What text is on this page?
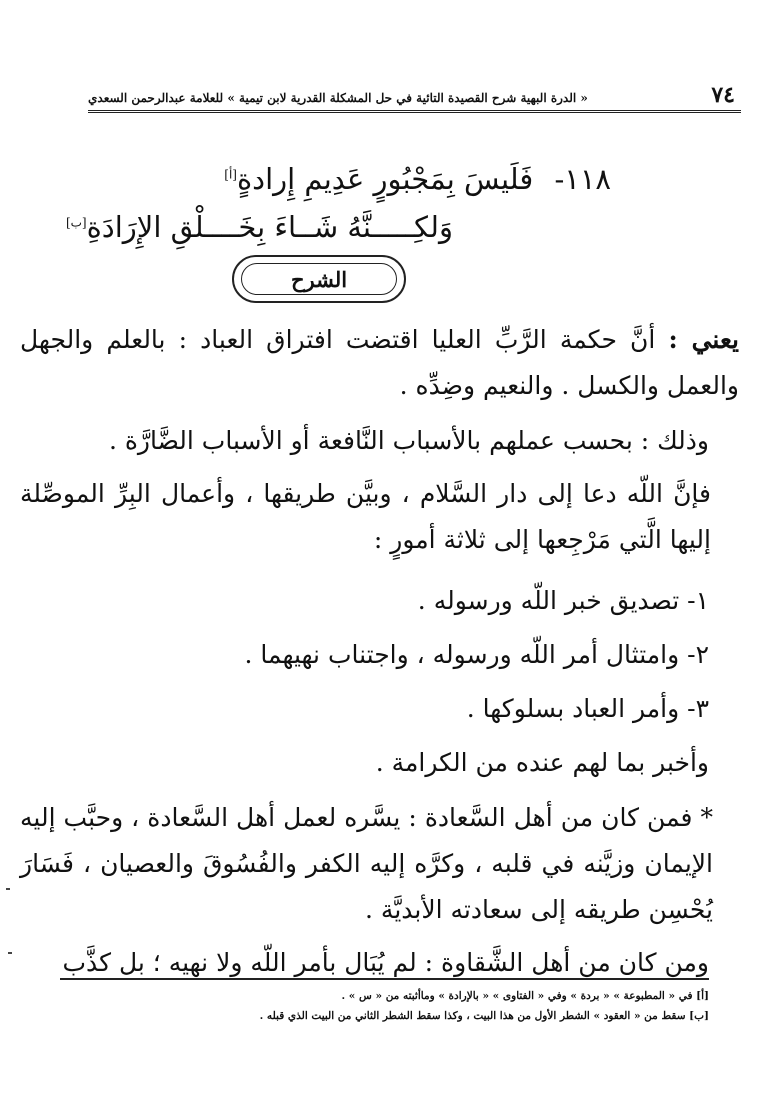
٧٤
« الدرة البهية شرح القصيدة التائية في حل المشكلة القدرية لابن تيمية » للعلامة عبدالرحمن السعدي
١١٨- فَلَيسَ بِمَجْبُورٍ عَدِيمِ إِرادةٍ[أ]
وَلكِـــــنَّهُ شَــاءَ بِخَــــلْقِ الإِرَادَةِ[ب]
الشرح
يعني : أنَّ حكمة الرَّبِّ العليا اقتضت افتراق العباد : بالعلم والجهل والعمل والكسل . والنعيم وضِدِّه .
وذلك : بحسب عملهم بالأسباب النَّافعة أو الأسباب الضَّارَّة .
فإنَّ اللّه دعا إلى دار السَّلام ، وبيَّن طريقها ، وأعمال البِرِّ الموصِّلة إليها الَّتي مَرْجِعها إلى ثلاثة أمورٍ :
١- تصديق خبر اللّه ورسوله .
٢- وامتثال أمر اللّه ورسوله ، واجتناب نهيهما .
٣- وأمر العباد بسلوكها .
وأخبر بما لهم عنده من الكرامة .
* فمن كان من أهل السَّعادة : يسَّره لعمل أهل السَّعادة ، وحبَّب إليه الإيمان وزيَّنه في قلبه ، وكرَّه إليه الكفر والفُسُوقَ والعصيان ، فَسَارَ يُحْسِن طريقه إلى سعادته الأبديَّة .
ومن كان من أهل الشَّقاوة : لم يُبَال بأمر اللّه ولا نهيه ؛ بل كذَّب
[أ] في « المطبوعة » « بردة » وفي « الفتاوى » « بالإرادة » وماأثبته من « س » .
[ب] سقط من « العقود » الشطر الأول من هذا البيت ، وكذا سقط الشطر الثاني من البيت الذي قبله .
